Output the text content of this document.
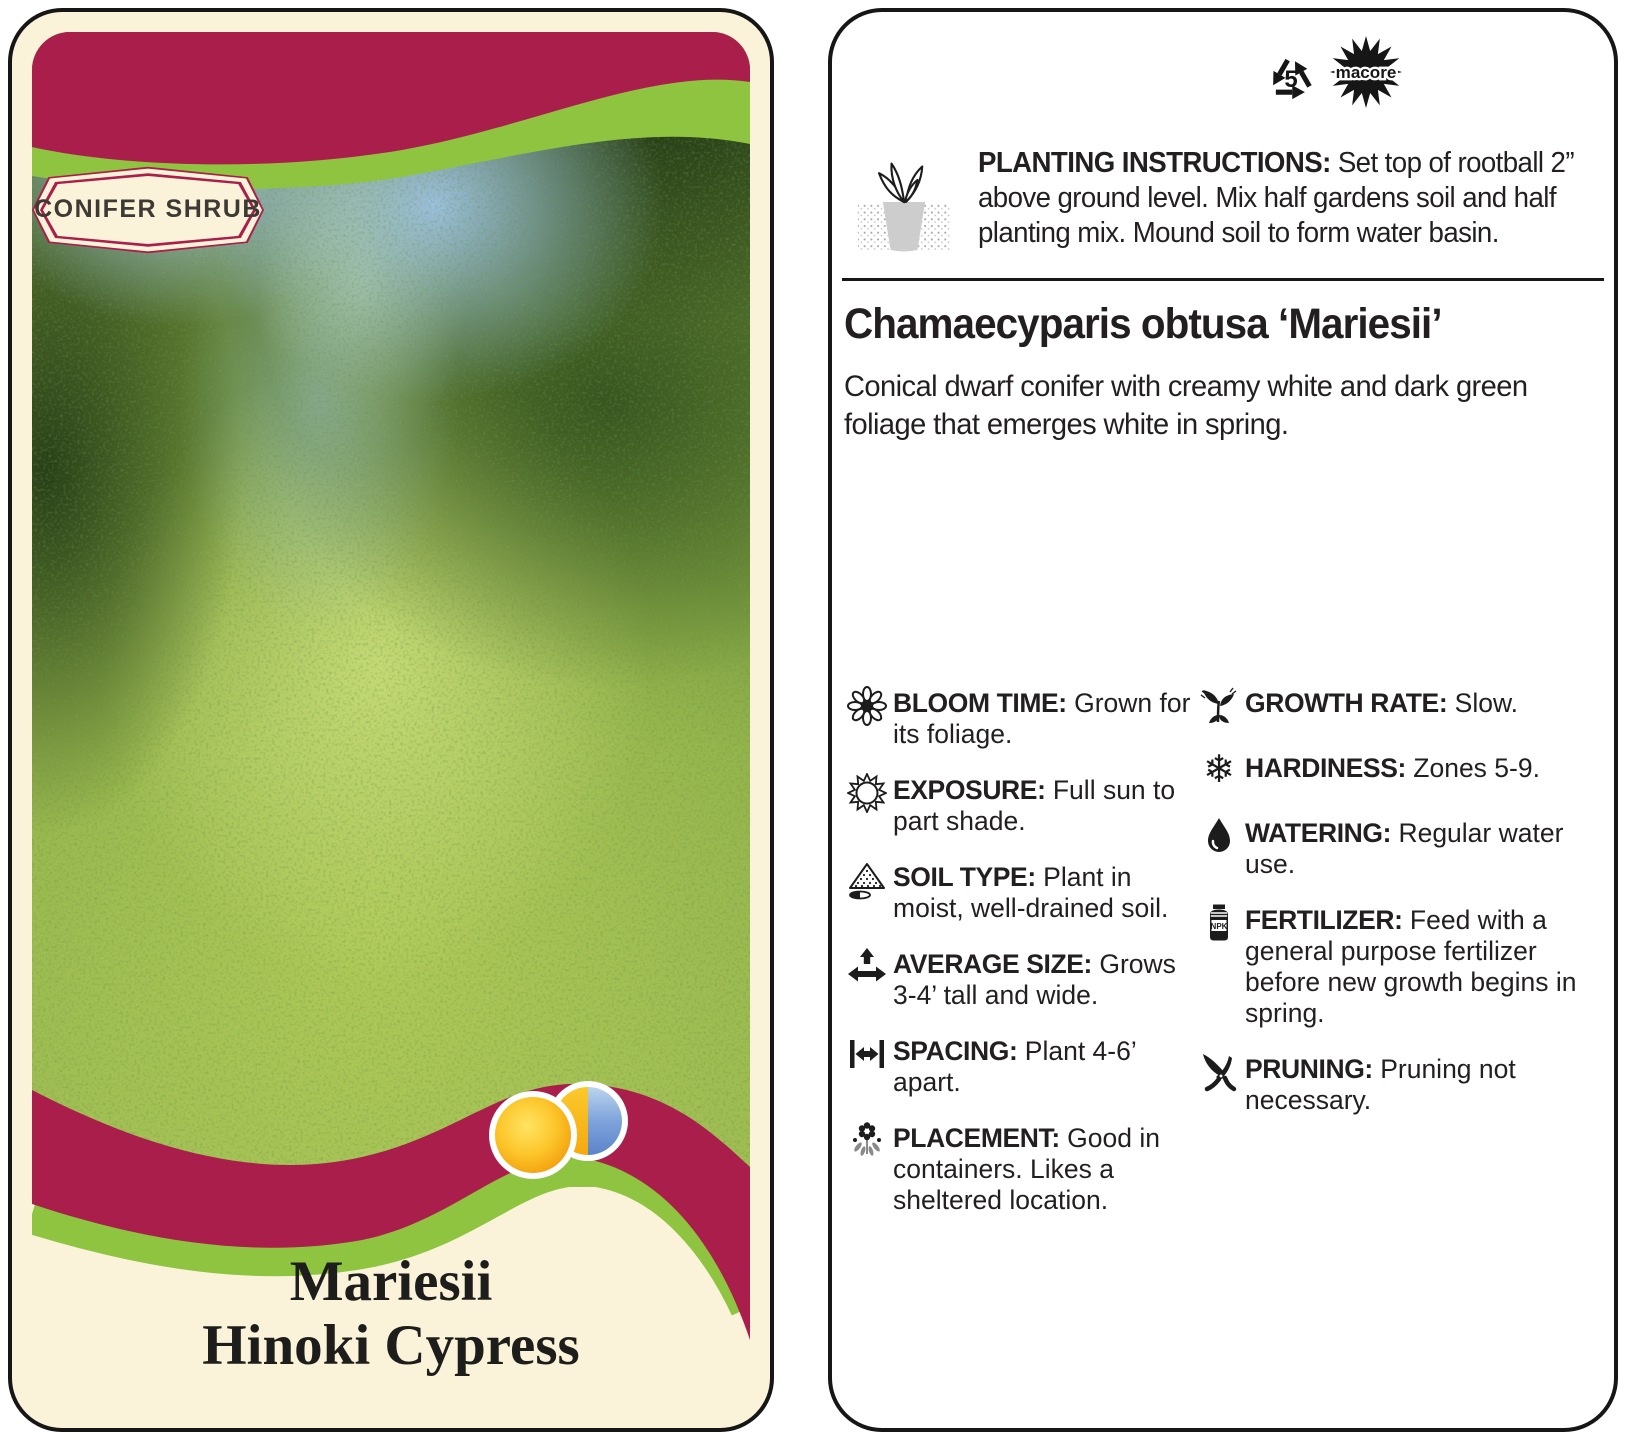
CONIFER SHRUB
Mariesii
Hinoki Cypress
5 macore

PLANTING INSTRUCTIONS: Set top of rootball 2” above ground level. Mix half gardens soil and half planting mix. Mound soil to form water basin.

Chamaecyparis obtusa ‘Mariesii’
Conical dwarf conifer with creamy white and dark green foliage that emerges white in spring.

BLOOM TIME: Grown for its foliage.

EXPOSURE: Full sun to part shade.

SOIL TYPE: Plant in moist, well-drained soil.

AVERAGE SIZE: Grows 3-4’ tall and wide.

SPACING: Plant 4-6’ apart.

PLACEMENT: Good in containers. Likes a sheltered location.

GROWTH RATE: Slow.

❄ HARDINESS: Zones 5-9.

WATERING: Regular water use.

NPK FERTILIZER: Feed with a general purpose fertilizer before new growth begins in spring.

PRUNING: Pruning not necessary.
